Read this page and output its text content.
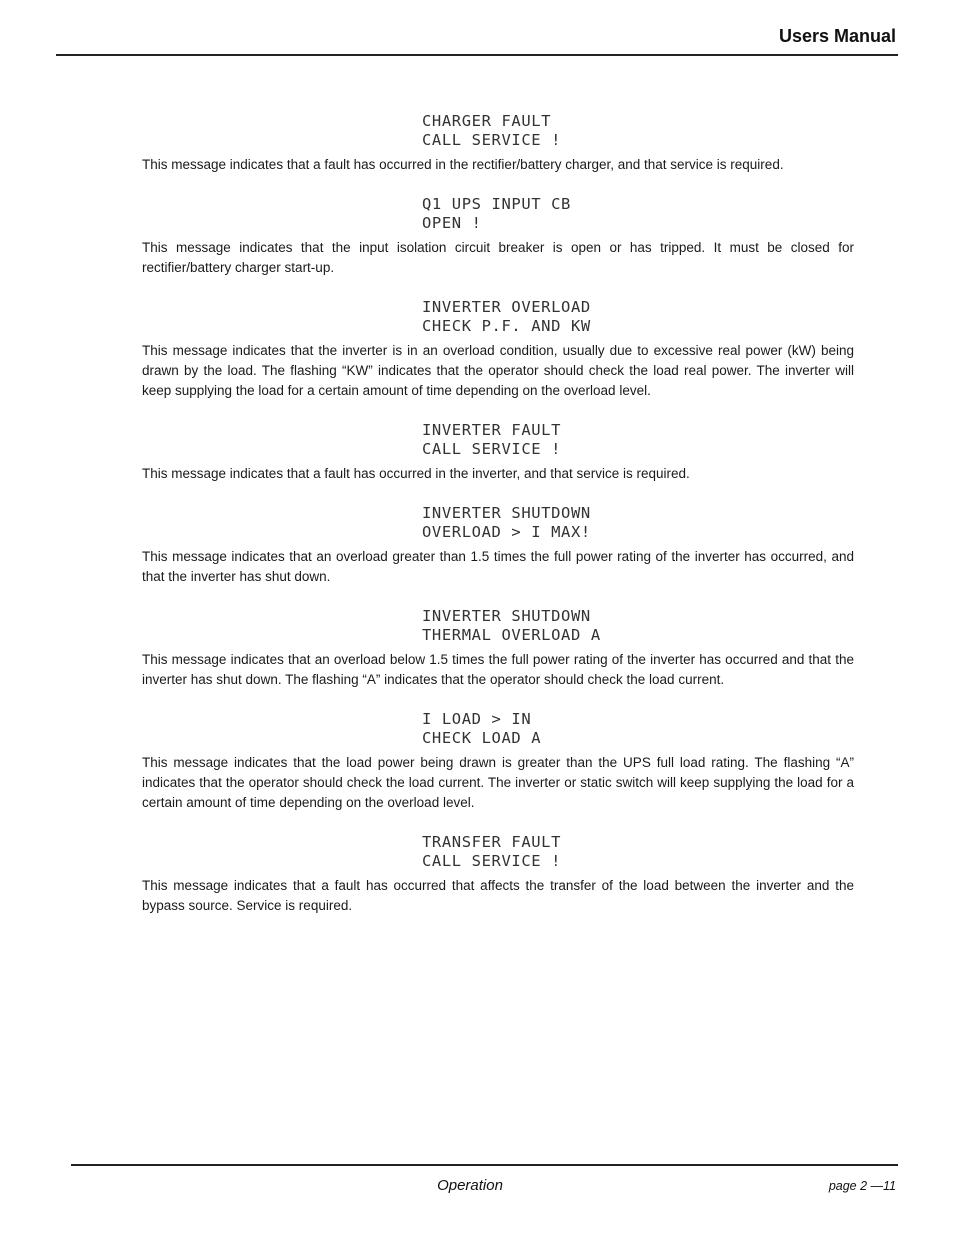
Users Manual
CHARGER FAULT
CALL SERVICE !

This message indicates that a fault has occurred in the rectifier/battery charger, and that service is required.

Q1 UPS INPUT CB
OPEN !

This message indicates that the input isolation circuit breaker is open or has tripped. It must be closed for rectifier/battery charger start-up.

INVERTER OVERLOAD
CHECK P.F. AND KW

This message indicates that the inverter is in an overload condition, usually due to excessive real power (kW) being drawn by the load. The flashing “KW” indicates that the operator should check the load real power. The inverter will keep supplying the load for a certain amount of time depending on the overload level.

INVERTER FAULT
CALL SERVICE !

This message indicates that a fault has occurred in the inverter, and that service is required.

INVERTER SHUTDOWN
OVERLOAD > I MAX!

This message indicates that an overload greater than 1.5 times the full power rating of the inverter has occurred, and that the inverter has shut down.

INVERTER SHUTDOWN
THERMAL OVERLOAD A

This message indicates that an overload below 1.5 times the full power rating of the inverter has occurred and that the inverter has shut down. The flashing “A” indicates that the operator should check the load current.

I LOAD > IN
CHECK LOAD A

This message indicates that the load power being drawn is greater than the UPS full load rating. The flashing “A” indicates that the operator should check the load current. The inverter or static switch will keep supplying the load for a certain amount of time depending on the overload level.

TRANSFER FAULT
CALL SERVICE !

This message indicates that a fault has occurred that affects the transfer of the load between the inverter and the bypass source. Service is required.

Operation	page 2 —11
